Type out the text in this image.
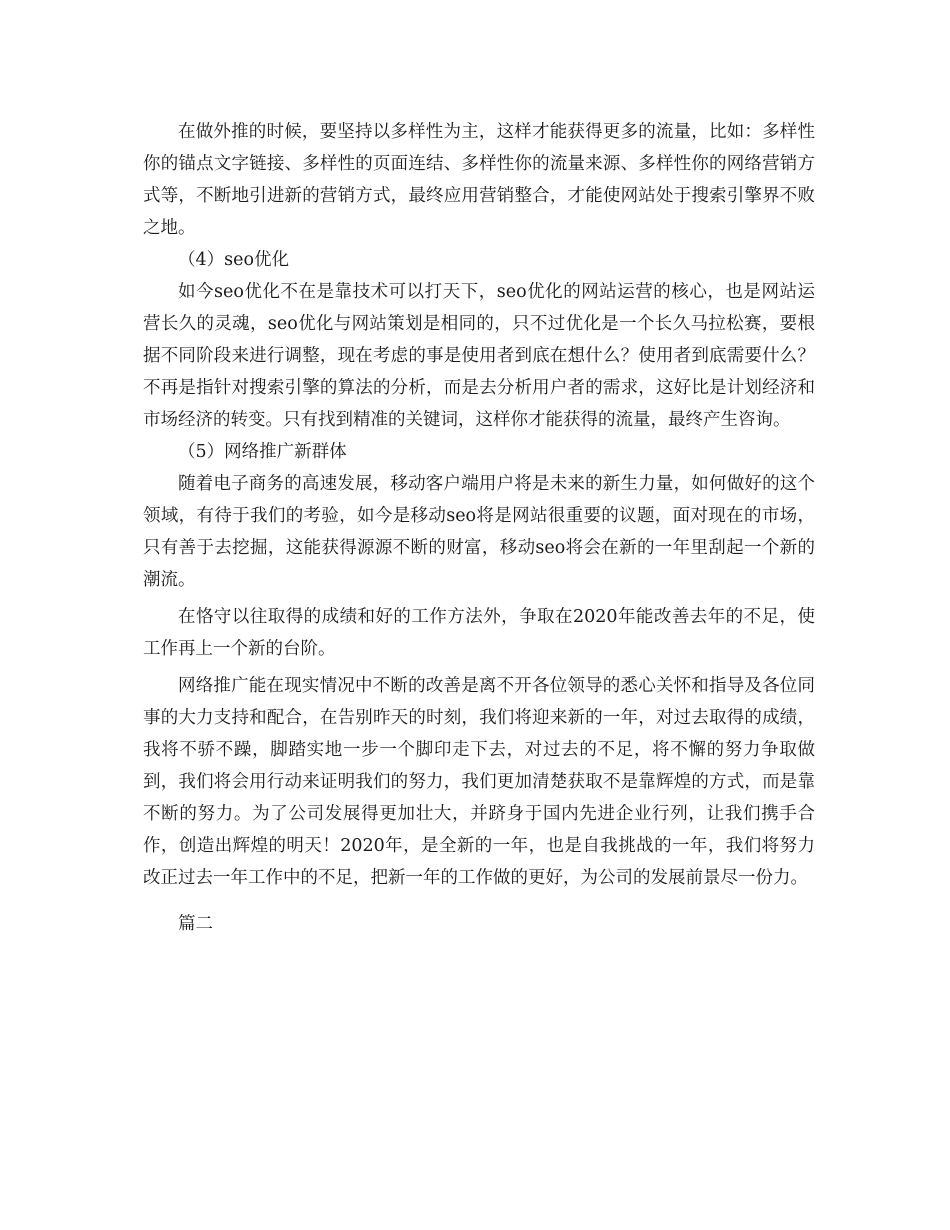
在做外推的时候，要坚持以多样性为主，这样才能获得更多的流量，比如：多样性你的锚点文字链接、多样性的页面连结、多样性你的流量来源、多样性你的网络营销方式等，不断地引进新的营销方式，最终应用营销整合，才能使网站处于搜索引擎界不败之地。

（4）seo优化

如今seo优化不在是靠技术可以打天下，seo优化的网站运营的核心，也是网站运营长久的灵魂，seo优化与网站策划是相同的，只不过优化是一个长久马拉松赛，要根据不同阶段来进行调整，现在考虑的事是使用者到底在想什么？使用者到底需要什么？不再是指针对搜索引擎的算法的分析，而是去分析用户者的需求，这好比是计划经济和市场经济的转变。只有找到精准的关键词，这样你才能获得的流量，最终产生咨询。

（5）网络推广新群体

随着电子商务的高速发展，移动客户端用户将是未来的新生力量，如何做好的这个领域，有待于我们的考验，如今是移动seo将是网站很重要的议题，面对现在的市场，只有善于去挖掘，这能获得源源不断的财富，移动seo将会在新的一年里刮起一个新的潮流。

在恪守以往取得的成绩和好的工作方法外，争取在2020年能改善去年的不足，使工作再上一个新的台阶。

网络推广能在现实情况中不断的改善是离不开各位领导的悉心关怀和指导及各位同事的大力支持和配合，在告别昨天的时刻，我们将迎来新的一年，对过去取得的成绩，我将不骄不躁，脚踏实地一步一个脚印走下去，对过去的不足，将不懈的努力争取做到，我们将会用行动来证明我们的努力，我们更加清楚获取不是靠辉煌的方式，而是靠不断的努力。为了公司发展得更加壮大，并跻身于国内先进企业行列，让我们携手合作，创造出辉煌的明天！2020年，是全新的一年，也是自我挑战的一年，我们将努力改正过去一年工作中的不足，把新一年的工作做的更好，为公司的发展前景尽一份力。

篇二
